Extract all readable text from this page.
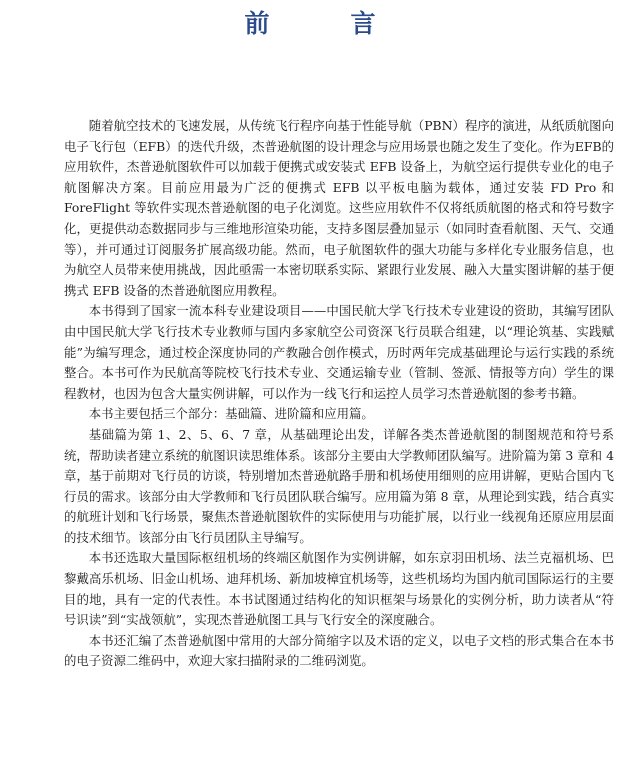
前　言

随着航空技术的飞速发展，从传统飞行程序向基于性能导航（PBN）程序的演进，从纸质航图向电子飞行包（EFB）的迭代升级，杰普逊航图的设计理念与应用场景也随之发生了变化。作为EFB的应用软件，杰普逊航图软件可以加载于便携式或安装式 EFB 设备上，为航空运行提供专业化的电子航图解决方案。目前应用最为广泛的便携式 EFB 以平板电脑为载体，通过安装 FD Pro 和 ForeFlight 等软件实现杰普逊航图的电子化浏览。这些应用软件不仅将纸质航图的格式和符号数字化，更提供动态数据同步与三维地形渲染功能，支持多图层叠加显示（如同时查看航图、天气、交通等），并可通过订阅服务扩展高级功能。然而，电子航图软件的强大功能与多样化专业服务信息，也为航空人员带来使用挑战，因此亟需一本密切联系实际、紧跟行业发展、融入大量实图讲解的基于便携式 EFB 设备的杰普逊航图应用教程。

本书得到了国家一流本科专业建设项目——中国民航大学飞行技术专业建设的资助，其编写团队由中国民航大学飞行技术专业教师与国内多家航空公司资深飞行员联合组建，以“理论筑基、实践赋能”为编写理念，通过校企深度协同的产教融合创作模式，历时两年完成基础理论与运行实践的系统整合。本书可作为民航高等院校飞行技术专业、交通运输专业（管制、签派、情报等方向）学生的课程教材，也因为包含大量实例讲解，可以作为一线飞行和运控人员学习杰普逊航图的参考书籍。

本书主要包括三个部分：基础篇、进阶篇和应用篇。

基础篇为第 1、2、5、6、7 章，从基础理论出发，详解各类杰普逊航图的制图规范和符号系统，帮助读者建立系统的航图识读思维体系。该部分主要由大学教师团队编写。进阶篇为第 3 章和 4 章，基于前期对飞行员的访谈，特别增加杰普逊航路手册和机场使用细则的应用讲解，更贴合国内飞行员的需求。该部分由大学教师和飞行员团队联合编写。应用篇为第 8 章，从理论到实践，结合真实的航班计划和飞行场景，聚焦杰普逊航图软件的实际使用与功能扩展，以行业一线视角还原应用层面的技术细节。该部分由飞行员团队主导编写。

本书还选取大量国际枢纽机场的终端区航图作为实例讲解，如东京羽田机场、法兰克福机场、巴黎戴高乐机场、旧金山机场、迪拜机场、新加坡樟宜机场等，这些机场均为国内航司国际运行的主要目的地，具有一定的代表性。本书试图通过结构化的知识框架与场景化的实例分析，助力读者从“符号识读”到“实战领航”，实现杰普逊航图工具与飞行安全的深度融合。

本书还汇编了杰普逊航图中常用的大部分简缩字以及术语的定义，以电子文档的形式集合在本书的电子资源二维码中，欢迎大家扫描附录的二维码浏览。
